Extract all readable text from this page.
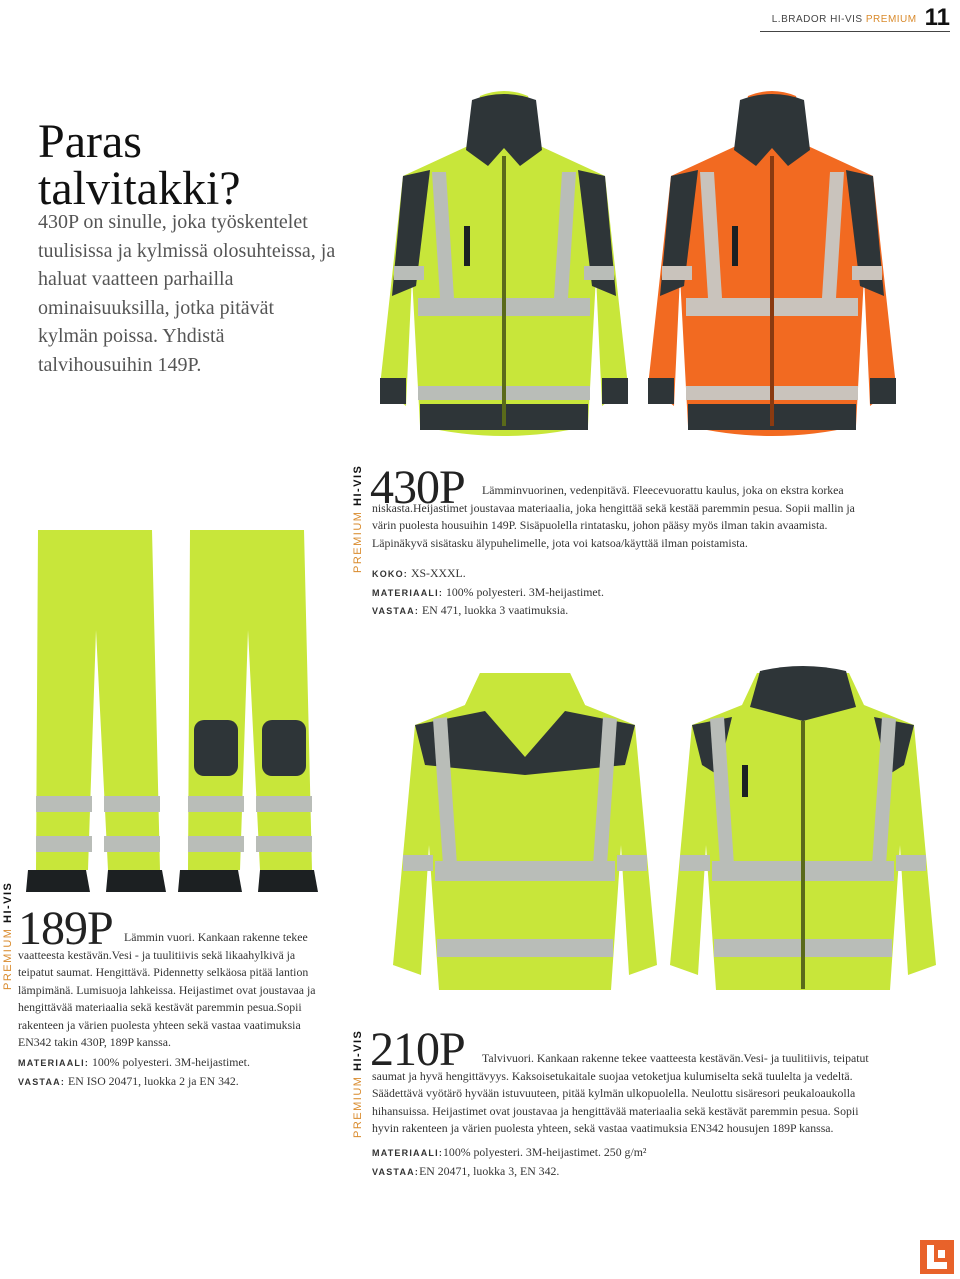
L.BRADOR HI-VIS PREMIUM 11
Paras
talvitakki?
430P on sinulle, joka työskentelet tuulisissa ja kylmissä olosuhteissa, ja haluat vaatteen parhailla ominaisuuksilla, jotka pitävät kylmän poissa. Yhdistä talvihousuihin 149P.
PREMIUM HI-VIS 430P	Lämminvuorinen, vedenpitävä. Fleecevuorattu kaulus, joka on ekstra korkea niskasta.Heijastimet joustavaa materiaalia, joka hengittää sekä kestää paremmin pesua. Sopii mallin ja värin puolesta housuihin 149P. Sisäpuolella rintatasku, johon pääsy myös ilman takin avaamista. Läpinäkyvä sisätasku älypuhelimelle, jota voi katsoa/käyttää ilman poistamista.

KOKO: XS-XXXL.

MATERIAALI: 100% polyesteri. 3M-heijastimet.

VASTAA: EN 471, luokka 3 vaatimuksia.

PREMIUM HI-VIS 189P Lämmin vuori. Kankaan rakenne tekee vaatteesta kestävän.Vesi - ja tuulitiivis sekä likaahylkivä ja teipatut saumat. Hengittävä. Pidennetty selkäosa pitää lantion lämpimänä. Lumisuoja lahkeissa. Heijastimet ovat joustavaa ja hengittävää materiaalia sekä kestävät paremmin pesua.Sopii rakenteen ja värien puolesta yhteen sekä vastaa vaatimuksia EN342 takin 430P, 189P kanssa.

MATERIAALI: 100% polyesteri. 3M-heijastimet.

VASTAA: EN ISO 20471, luokka 2 ja EN 342.	PREMIUM HI-VIS 210P	Talvivuori. Kankaan rakenne tekee vaatteesta kestävän.Vesi- ja tuulitiivis, teipatut saumat ja hyvä hengittävyys. Kaksoisetukaitale suojaa vetoketjua kulumiselta sekä tuulelta ja vedeltä. Säädettävä vyötärö hyvään istuvuuteen, pitää kylmän ulkopuolella. Neulottu sisäresori peukaloaukolla hihansuissa. Heijastimet ovat joustavaa ja hengittävää materiaalia sekä kestävät paremmin pesua. Sopii hyvin rakenteen ja värien puolesta yhteen, sekä vastaa vaatimuksia EN342 housujen 189P kanssa.

MATERIAALI:100% polyesteri. 3M-heijastimet. 250 g/m²

VASTAA:EN 20471, luokka 3, EN 342.
